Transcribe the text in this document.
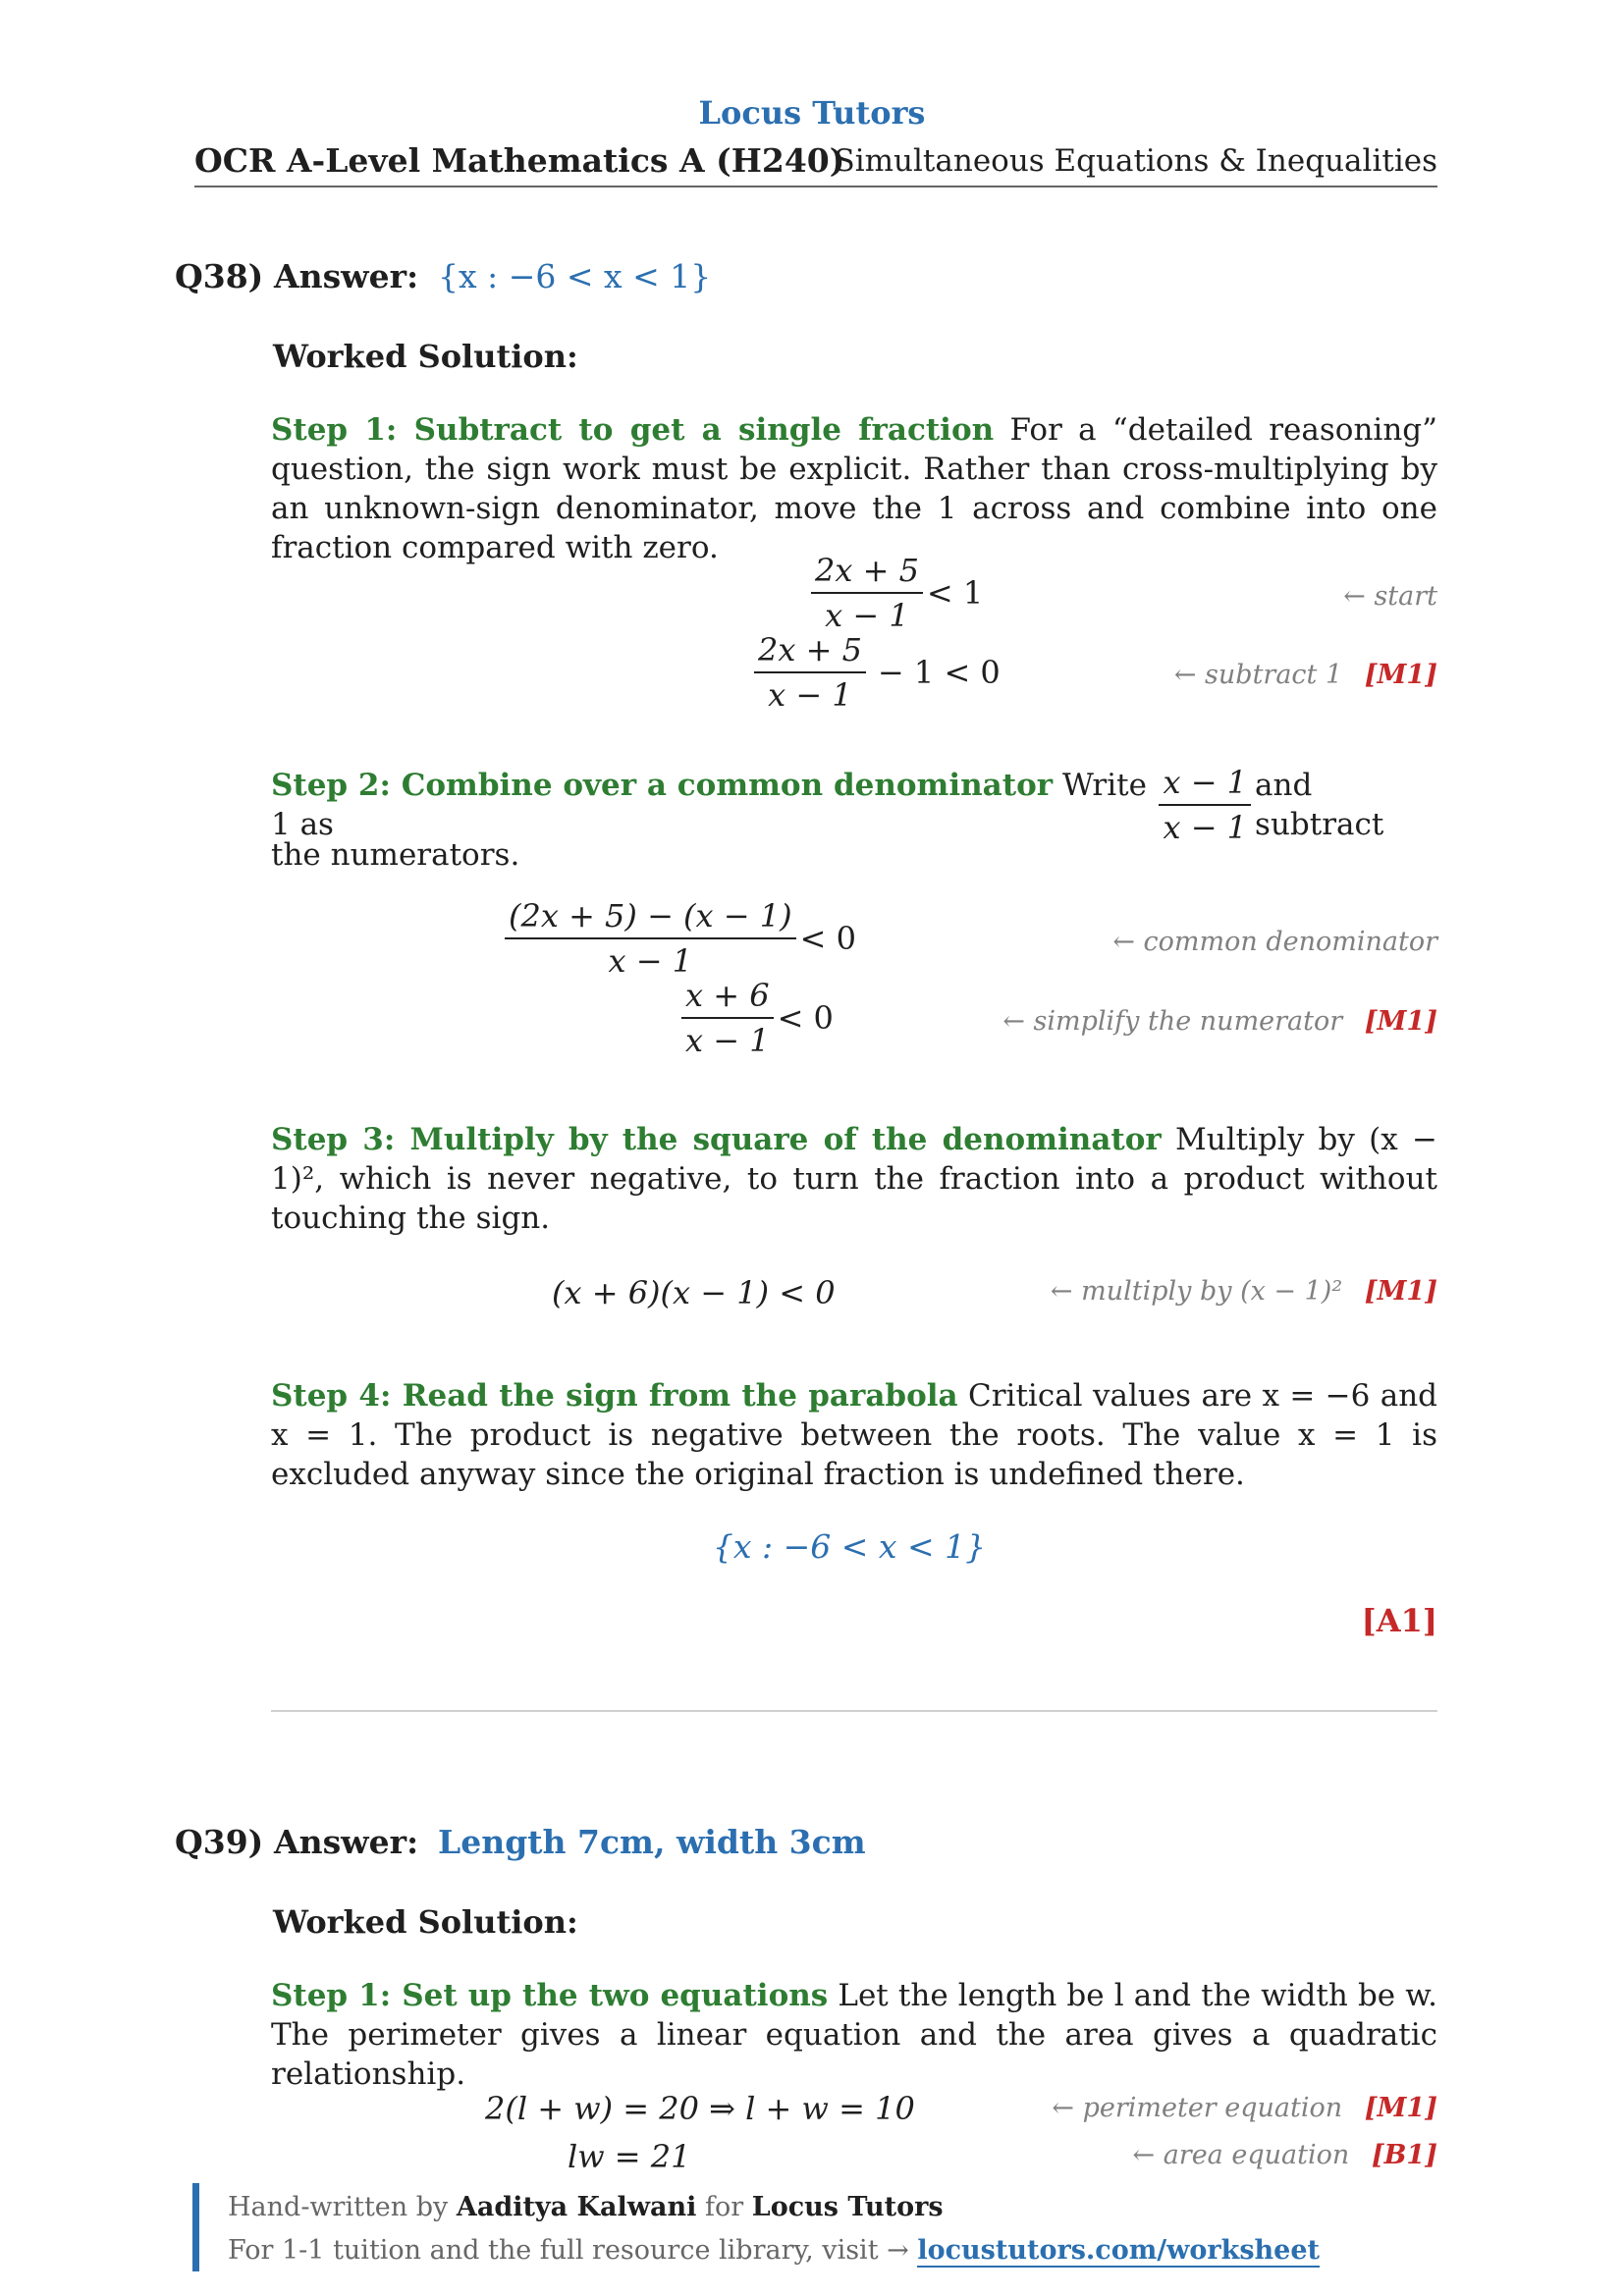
Locus Tutors
OCR A-Level Mathematics A (H240)
Simultaneous Equations & Inequalities
Q38) Answer: {x : −6 < x < 1}
Worked Solution:
Step 1: Subtract to get a single fraction For a “detailed reasoning” question, the sign work must be explicit. Rather than cross-multiplying by an unknown-sign denominator, move the 1 across and combine into one fraction compared with zero.
$\frac{2x + 5}{x - 1} < 1$	← start
$\frac{2x + 5}{x - 1} - 1 < 0$	← subtract 1 [M1]
Step 2: Combine over a common denominator Write 1 as	$\frac{x - 1}{x - 1}$ and subtract
the numerators.
$\frac{(2x + 5) - (x - 1)}{x - 1} < 0$	← common denominator
$\frac{x + 6}{x - 1} < 0$	← simplify the numerator [M1]
Step 3: Multiply by the square of the denominator Multiply by (x − 1)², which is never negative, to turn the fraction into a product without touching the sign.
(x + 6)(x − 1) < 0	← multiply by (x − 1)² [M1]
Step 4: Read the sign from the parabola Critical values are x = −6 and x = 1. The product is negative between the roots. The value x = 1 is excluded anyway since the original fraction is undefined there.
{x : −6 < x < 1}
[A1]
Q39) Answer: Length 7cm, width 3cm
Worked Solution:
Step 1: Set up the two equations Let the length be l and the width be w. The perimeter gives a linear equation and the area gives a quadratic relationship.
2(l + w) = 20 ⇒ l + w = 10	← perimeter equation [M1]
lw = 21	← area equation [B1]
Hand-written by Aaditya Kalwani for Locus Tutors
For 1-1 tuition and the full resource library, visit → locustutors.com/worksheet
